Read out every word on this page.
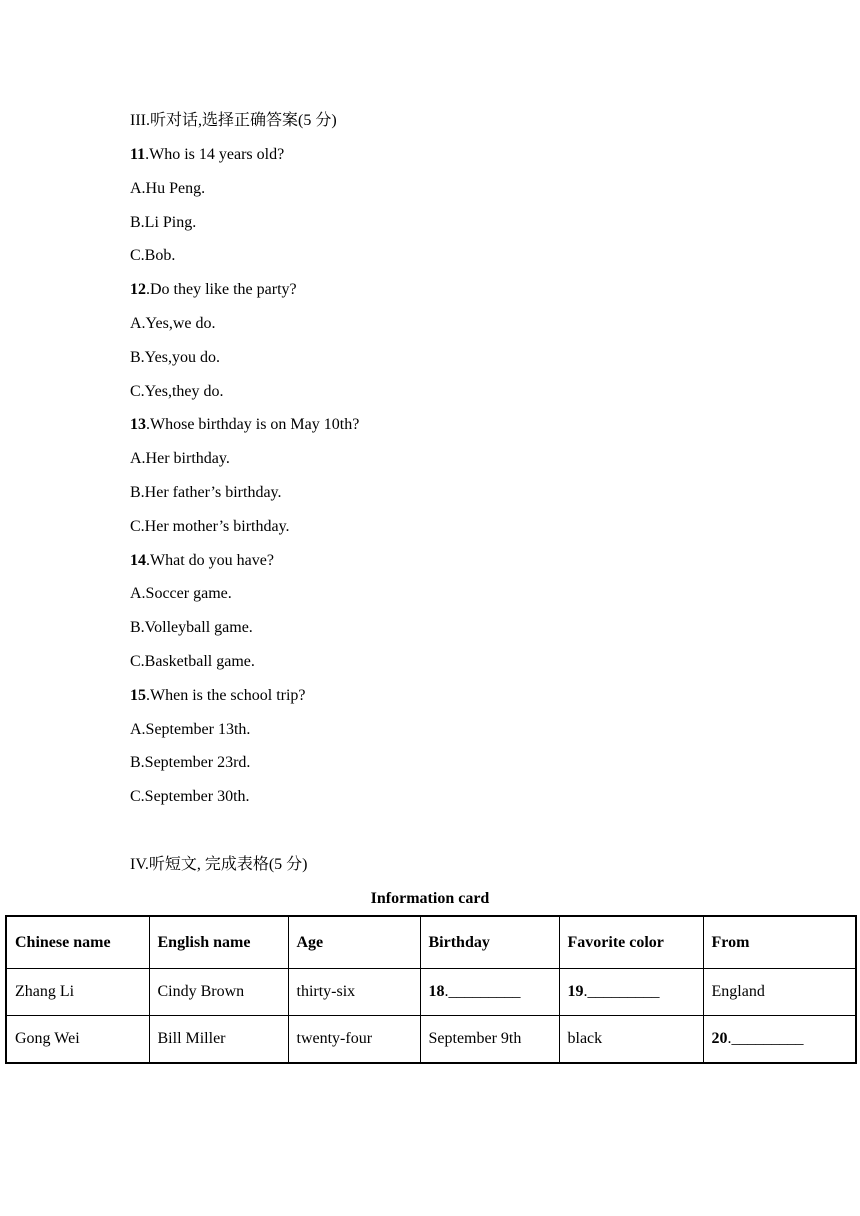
III.听对话,选择正确答案(5 分)
11.Who is 14 years old?
A.Hu Peng.
B.Li Ping.
C.Bob.
12.Do they like the party?
A.Yes,we do.
B.Yes,you do.
C.Yes,they do.
13.Whose birthday is on May 10th?
A.Her birthday.
B.Her father’s birthday.
C.Her mother’s birthday.
14.What do you have?
A.Soccer game.
B.Volleyball game.
C.Basketball game.
15.When is the school trip?
A.September 13th.
B.September 23rd.
C.September 30th.
IV.听短文, 完成表格(5 分)
Information card
Chinese name	English name	Age	Birthday	Favorite color	From
Zhang Li	Cindy Brown	thirty-six	18._________	19._________	England
Gong Wei	Bill Miller	twenty-four	September 9th	black	20._________
